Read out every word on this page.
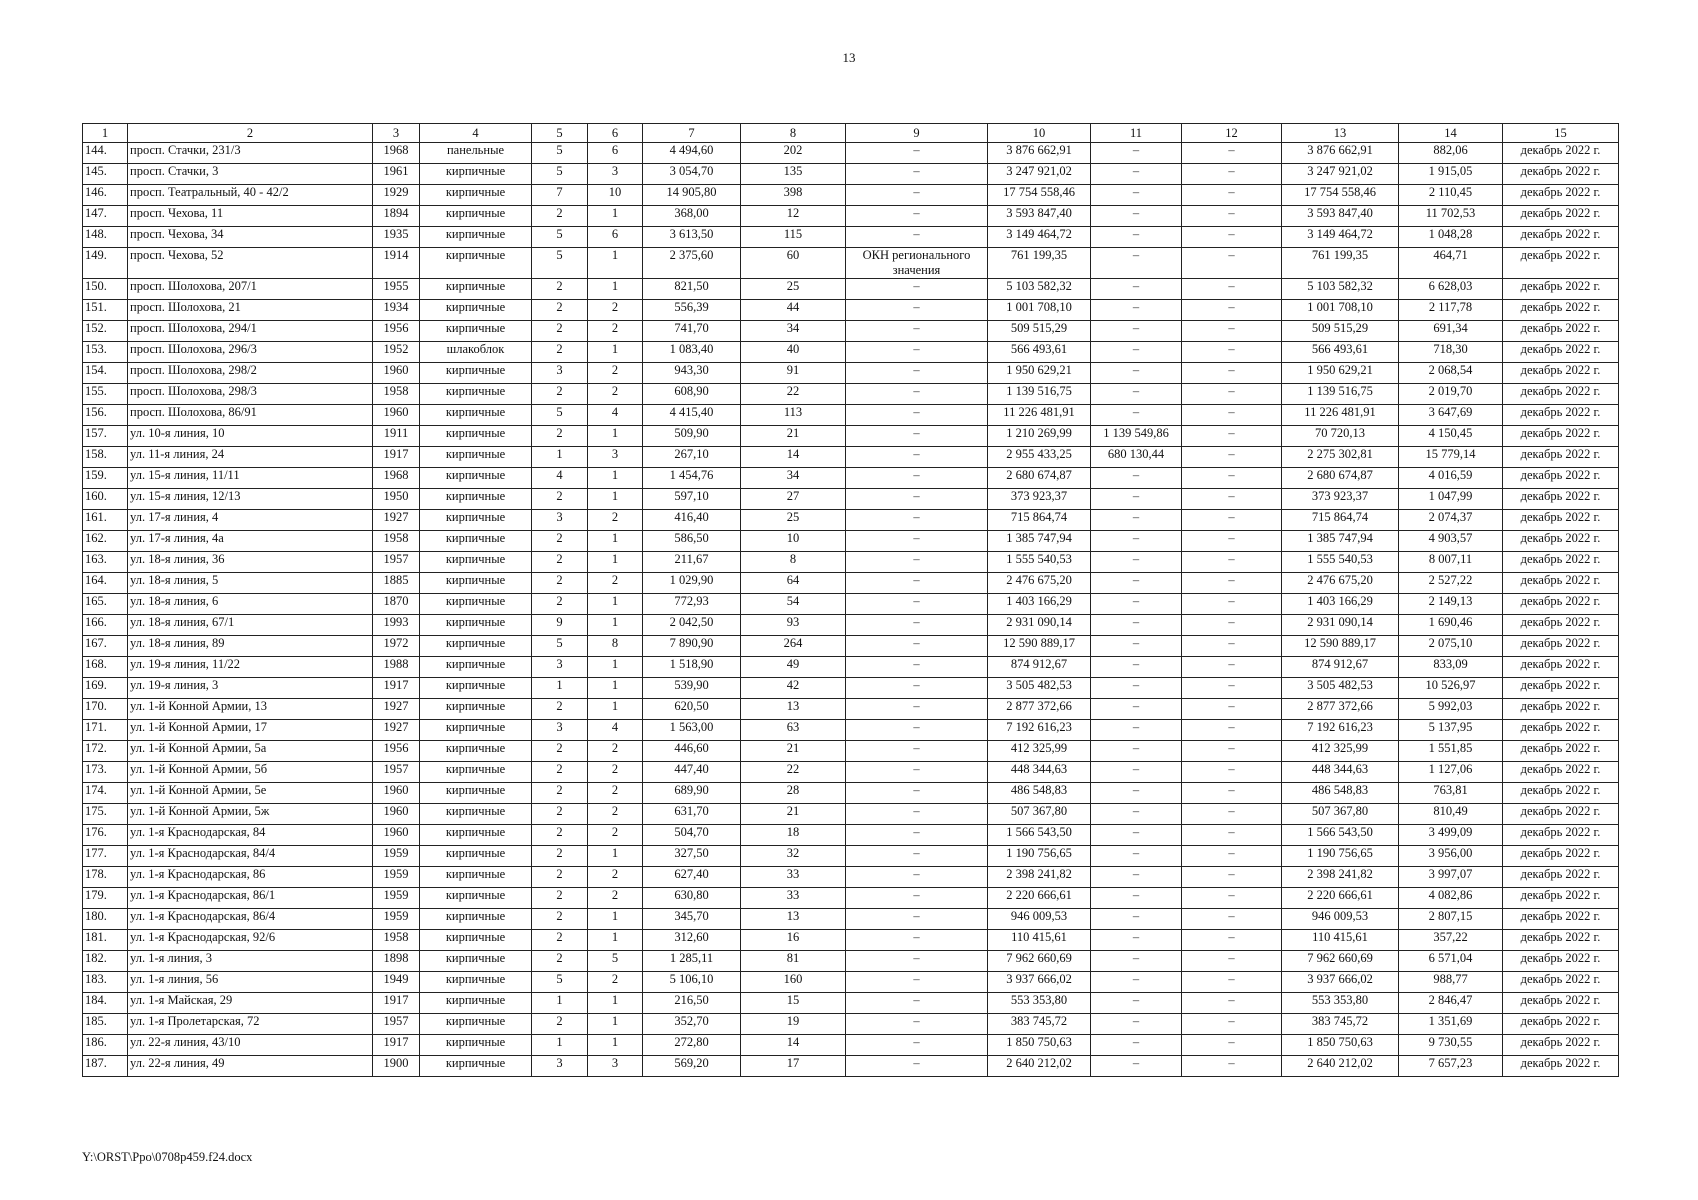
13
1	2	3	4	5	6	7	8	9	10	11	12	13	14	15
144.	просп. Стачки, 231/3	1968	панельные	5	6	4 494,60	202	–	3 876 662,91	–	–	3 876 662,91	882,06	декабрь 2022 г.
145.	просп. Стачки, 3	1961	кирпичные	5	3	3 054,70	135	–	3 247 921,02	–	–	3 247 921,02	1 915,05	декабрь 2022 г.
146.	просп. Театральный, 40 - 42/2	1929	кирпичные	7	10	14 905,80	398	–	17 754 558,46	–	–	17 754 558,46	2 110,45	декабрь 2022 г.
147.	просп. Чехова, 11	1894	кирпичные	2	1	368,00	12	–	3 593 847,40	–	–	3 593 847,40	11 702,53	декабрь 2022 г.
148.	просп. Чехова, 34	1935	кирпичные	5	6	3 613,50	115	–	3 149 464,72	–	–	3 149 464,72	1 048,28	декабрь 2022 г.
149.	просп. Чехова, 52	1914	кирпичные	5	1	2 375,60	60	ОКН регионального значения	761 199,35	–	–	761 199,35	464,71	декабрь 2022 г.
150.	просп. Шолохова, 207/1	1955	кирпичные	2	1	821,50	25	–	5 103 582,32	–	–	5 103 582,32	6 628,03	декабрь 2022 г.
151.	просп. Шолохова, 21	1934	кирпичные	2	2	556,39	44	–	1 001 708,10	–	–	1 001 708,10	2 117,78	декабрь 2022 г.
152.	просп. Шолохова, 294/1	1956	кирпичные	2	2	741,70	34	–	509 515,29	–	–	509 515,29	691,34	декабрь 2022 г.
153.	просп. Шолохова, 296/3	1952	шлакоблок	2	1	1 083,40	40	–	566 493,61	–	–	566 493,61	718,30	декабрь 2022 г.
154.	просп. Шолохова, 298/2	1960	кирпичные	3	2	943,30	91	–	1 950 629,21	–	–	1 950 629,21	2 068,54	декабрь 2022 г.
155.	просп. Шолохова, 298/3	1958	кирпичные	2	2	608,90	22	–	1 139 516,75	–	–	1 139 516,75	2 019,70	декабрь 2022 г.
156.	просп. Шолохова, 86/91	1960	кирпичные	5	4	4 415,40	113	–	11 226 481,91	–	–	11 226 481,91	3 647,69	декабрь 2022 г.
157.	ул. 10-я линия, 10	1911	кирпичные	2	1	509,90	21	–	1 210 269,99	1 139 549,86	–	70 720,13	4 150,45	декабрь 2022 г.
158.	ул. 11-я линия, 24	1917	кирпичные	1	3	267,10	14	–	2 955 433,25	680 130,44	–	2 275 302,81	15 779,14	декабрь 2022 г.
159.	ул. 15-я линия, 11/11	1968	кирпичные	4	1	1 454,76	34	–	2 680 674,87	–	–	2 680 674,87	4 016,59	декабрь 2022 г.
160.	ул. 15-я линия, 12/13	1950	кирпичные	2	1	597,10	27	–	373 923,37	–	–	373 923,37	1 047,99	декабрь 2022 г.
161.	ул. 17-я линия, 4	1927	кирпичные	3	2	416,40	25	–	715 864,74	–	–	715 864,74	2 074,37	декабрь 2022 г.
162.	ул. 17-я линия, 4а	1958	кирпичные	2	1	586,50	10	–	1 385 747,94	–	–	1 385 747,94	4 903,57	декабрь 2022 г.
163.	ул. 18-я линия, 36	1957	кирпичные	2	1	211,67	8	–	1 555 540,53	–	–	1 555 540,53	8 007,11	декабрь 2022 г.
164.	ул. 18-я линия, 5	1885	кирпичные	2	2	1 029,90	64	–	2 476 675,20	–	–	2 476 675,20	2 527,22	декабрь 2022 г.
165.	ул. 18-я линия, 6	1870	кирпичные	2	1	772,93	54	–	1 403 166,29	–	–	1 403 166,29	2 149,13	декабрь 2022 г.
166.	ул. 18-я линия, 67/1	1993	кирпичные	9	1	2 042,50	93	–	2 931 090,14	–	–	2 931 090,14	1 690,46	декабрь 2022 г.
167.	ул. 18-я линия, 89	1972	кирпичные	5	8	7 890,90	264	–	12 590 889,17	–	–	12 590 889,17	2 075,10	декабрь 2022 г.
168.	ул. 19-я линия, 11/22	1988	кирпичные	3	1	1 518,90	49	–	874 912,67	–	–	874 912,67	833,09	декабрь 2022 г.
169.	ул. 19-я линия, 3	1917	кирпичные	1	1	539,90	42	–	3 505 482,53	–	–	3 505 482,53	10 526,97	декабрь 2022 г.
170.	ул. 1-й Конной Армии, 13	1927	кирпичные	2	1	620,50	13	–	2 877 372,66	–	–	2 877 372,66	5 992,03	декабрь 2022 г.
171.	ул. 1-й Конной Армии, 17	1927	кирпичные	3	4	1 563,00	63	–	7 192 616,23	–	–	7 192 616,23	5 137,95	декабрь 2022 г.
172.	ул. 1-й Конной Армии, 5а	1956	кирпичные	2	2	446,60	21	–	412 325,99	–	–	412 325,99	1 551,85	декабрь 2022 г.
173.	ул. 1-й Конной Армии, 5б	1957	кирпичные	2	2	447,40	22	–	448 344,63	–	–	448 344,63	1 127,06	декабрь 2022 г.
174.	ул. 1-й Конной Армии, 5е	1960	кирпичные	2	2	689,90	28	–	486 548,83	–	–	486 548,83	763,81	декабрь 2022 г.
175.	ул. 1-й Конной Армии, 5ж	1960	кирпичные	2	2	631,70	21	–	507 367,80	–	–	507 367,80	810,49	декабрь 2022 г.
176.	ул. 1-я Краснодарская, 84	1960	кирпичные	2	2	504,70	18	–	1 566 543,50	–	–	1 566 543,50	3 499,09	декабрь 2022 г.
177.	ул. 1-я Краснодарская, 84/4	1959	кирпичные	2	1	327,50	32	–	1 190 756,65	–	–	1 190 756,65	3 956,00	декабрь 2022 г.
178.	ул. 1-я Краснодарская, 86	1959	кирпичные	2	2	627,40	33	–	2 398 241,82	–	–	2 398 241,82	3 997,07	декабрь 2022 г.
179.	ул. 1-я Краснодарская, 86/1	1959	кирпичные	2	2	630,80	33	–	2 220 666,61	–	–	2 220 666,61	4 082,86	декабрь 2022 г.
180.	ул. 1-я Краснодарская, 86/4	1959	кирпичные	2	1	345,70	13	–	946 009,53	–	–	946 009,53	2 807,15	декабрь 2022 г.
181.	ул. 1-я Краснодарская, 92/6	1958	кирпичные	2	1	312,60	16	–	110 415,61	–	–	110 415,61	357,22	декабрь 2022 г.
182.	ул. 1-я линия, 3	1898	кирпичные	2	5	1 285,11	81	–	7 962 660,69	–	–	7 962 660,69	6 571,04	декабрь 2022 г.
183.	ул. 1-я линия, 56	1949	кирпичные	5	2	5 106,10	160	–	3 937 666,02	–	–	3 937 666,02	988,77	декабрь 2022 г.
184.	ул. 1-я Майская, 29	1917	кирпичные	1	1	216,50	15	–	553 353,80	–	–	553 353,80	2 846,47	декабрь 2022 г.
185.	ул. 1-я Пролетарская, 72	1957	кирпичные	2	1	352,70	19	–	383 745,72	–	–	383 745,72	1 351,69	декабрь 2022 г.
186.	ул. 22-я линия, 43/10	1917	кирпичные	1	1	272,80	14	–	1 850 750,63	–	–	1 850 750,63	9 730,55	декабрь 2022 г.
187.	ул. 22-я линия, 49	1900	кирпичные	3	3	569,20	17	–	2 640 212,02	–	–	2 640 212,02	7 657,23	декабрь 2022 г.
Y:\ORST\Ppo\0708p459.f24.docx
